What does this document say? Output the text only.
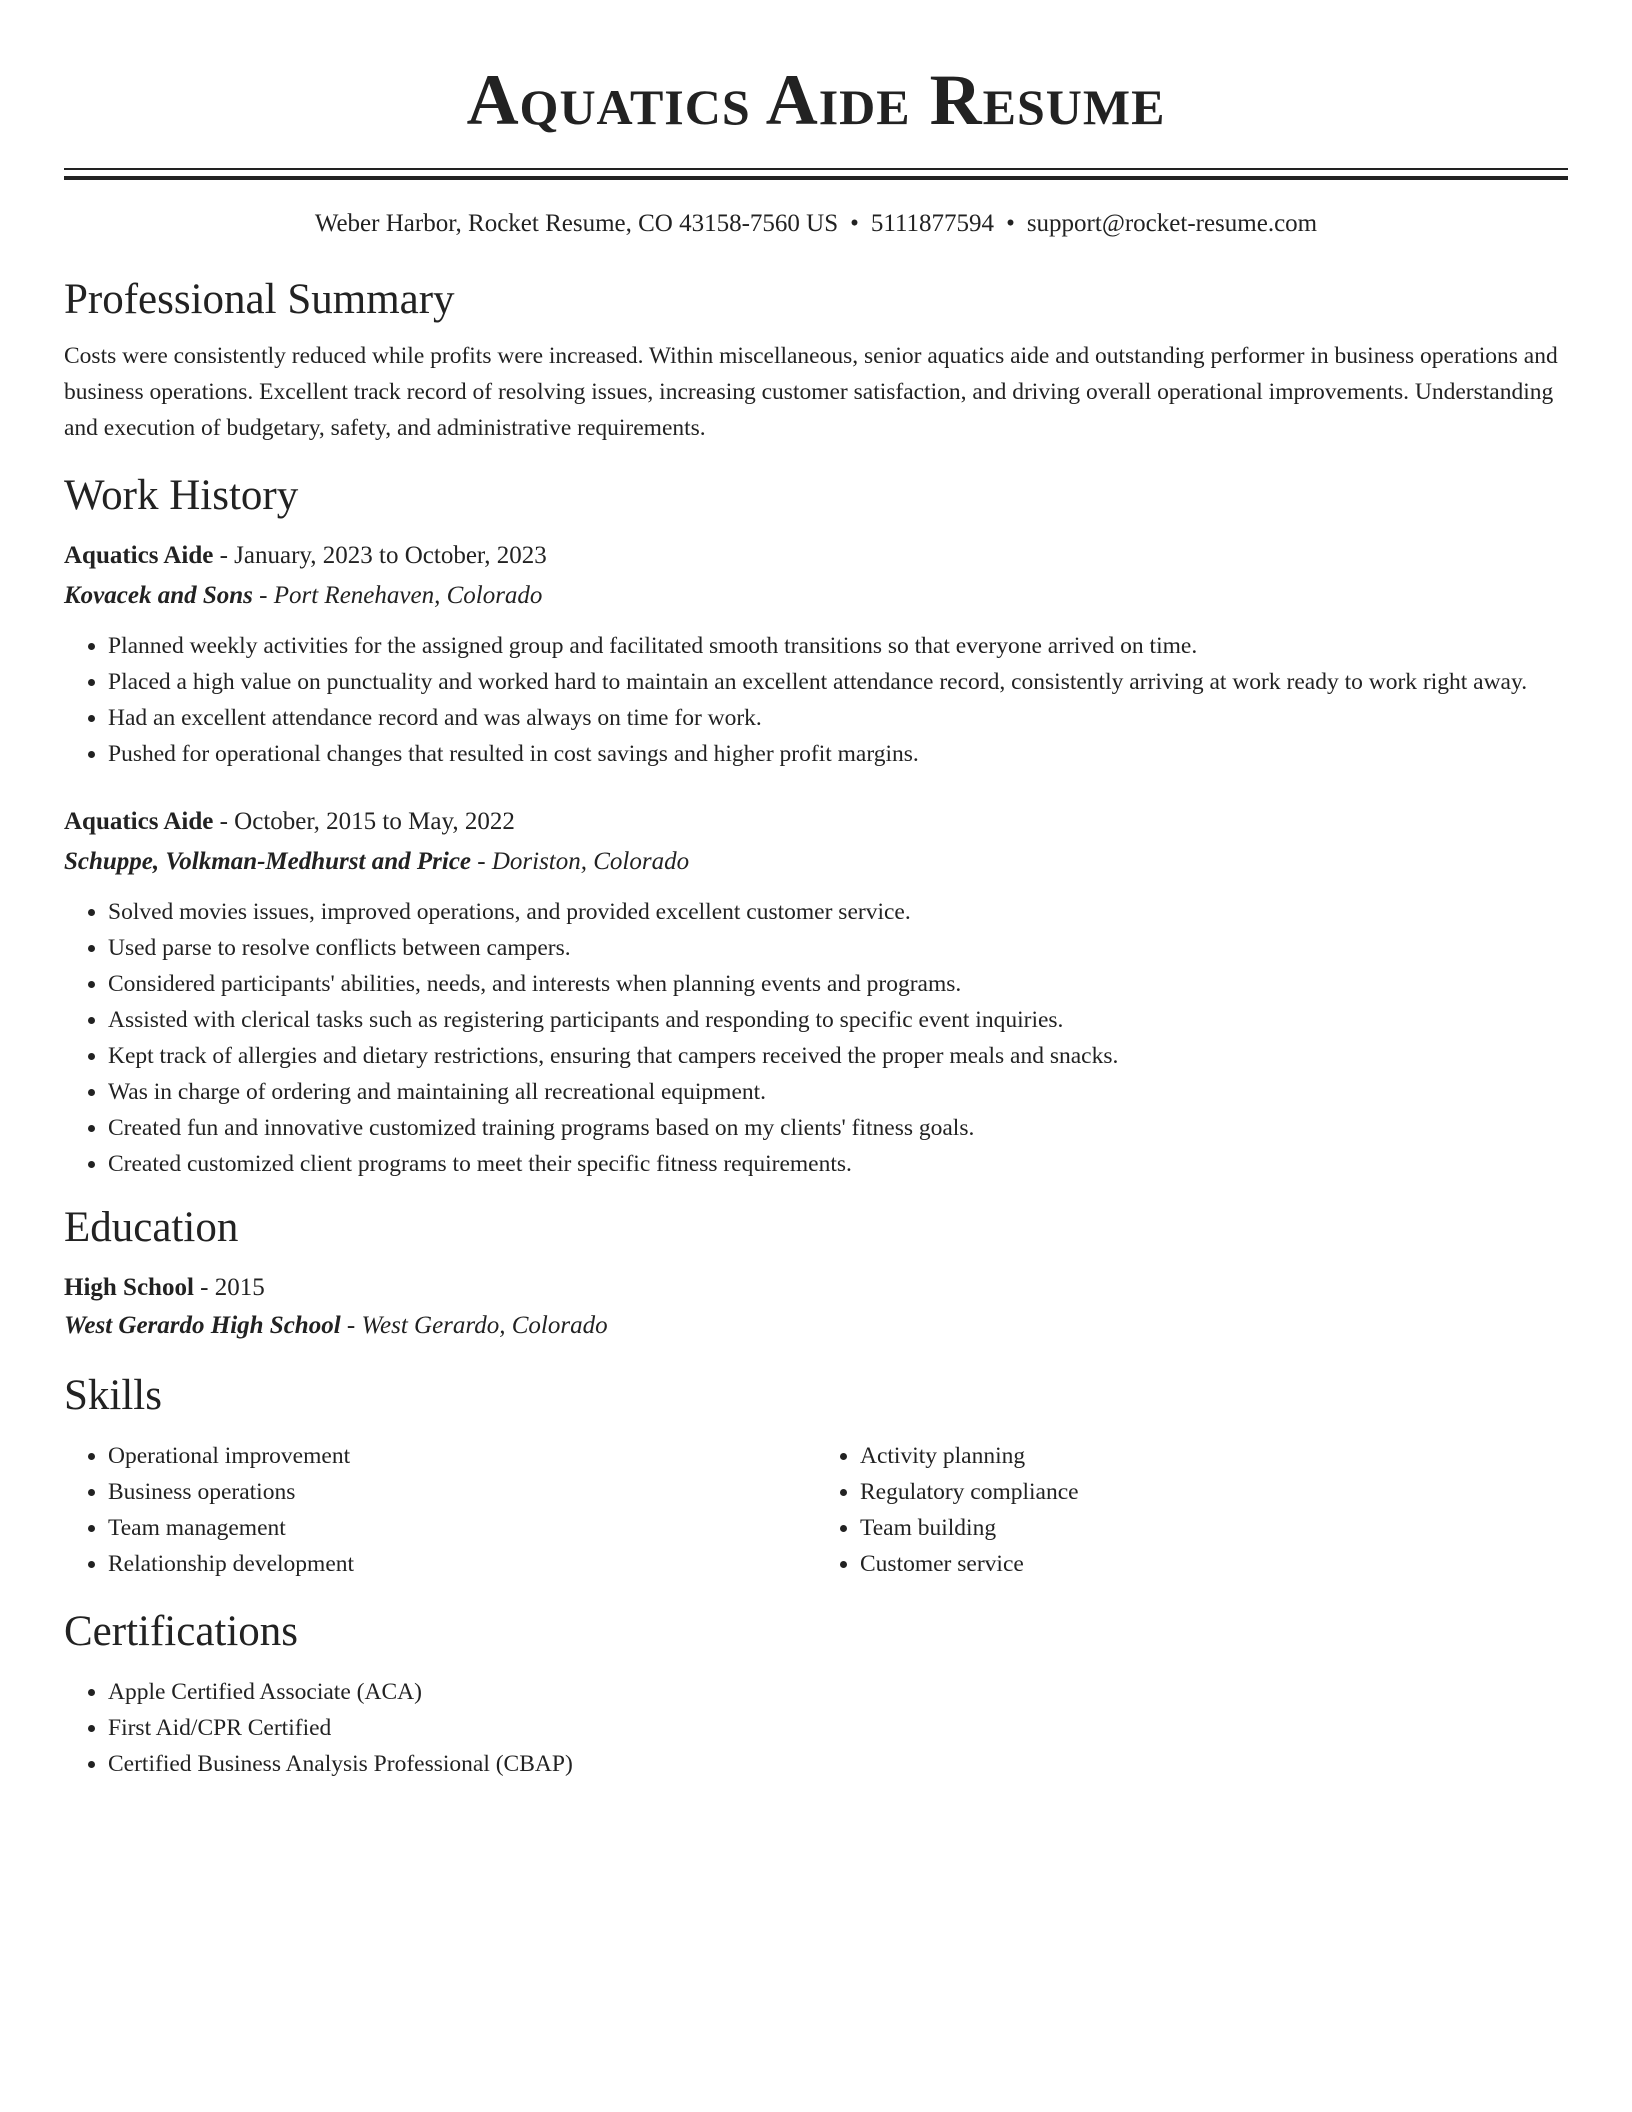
Aquatics Aide Resume
Weber Harbor, Rocket Resume, CO 43158-7560 US • 5111877594 • support@rocket-resume.com
Professional Summary

Costs were consistently reduced while profits were increased. Within miscellaneous, senior aquatics aide and outstanding performer in business operations and business operations. Excellent track record of resolving issues, increasing customer satisfaction, and driving overall operational improvements. Understanding and execution of budgetary, safety, and administrative requirements.

Work History

Aquatics Aide - January, 2023 to October, 2023

Kovacek and Sons - Port Renehaven, Colorado

• Planned weekly activities for the assigned group and facilitated smooth transitions so that everyone arrived on time.
• Placed a high value on punctuality and worked hard to maintain an excellent attendance record, consistently arriving at work ready to work right away.
• Had an excellent attendance record and was always on time for work.
• Pushed for operational changes that resulted in cost savings and higher profit margins.

Aquatics Aide - October, 2015 to May, 2022

Schuppe, Volkman-Medhurst and Price - Doriston, Colorado

• Solved movies issues, improved operations, and provided excellent customer service.
• Used parse to resolve conflicts between campers.
• Considered participants' abilities, needs, and interests when planning events and programs.
• Assisted with clerical tasks such as registering participants and responding to specific event inquiries.
• Kept track of allergies and dietary restrictions, ensuring that campers received the proper meals and snacks.
• Was in charge of ordering and maintaining all recreational equipment.
• Created fun and innovative customized training programs based on my clients' fitness goals.
• Created customized client programs to meet their specific fitness requirements.
Education

High School - 2015

West Gerardo High School - West Gerardo, Colorado

Skills
• Operational improvement
• Business operations
• Team management
• Relationship development
• Activity planning
• Regulatory compliance
• Team building
• Customer service
Certifications
• Apple Certified Associate (ACA)
• First Aid/CPR Certified
• Certified Business Analysis Professional (CBAP)
